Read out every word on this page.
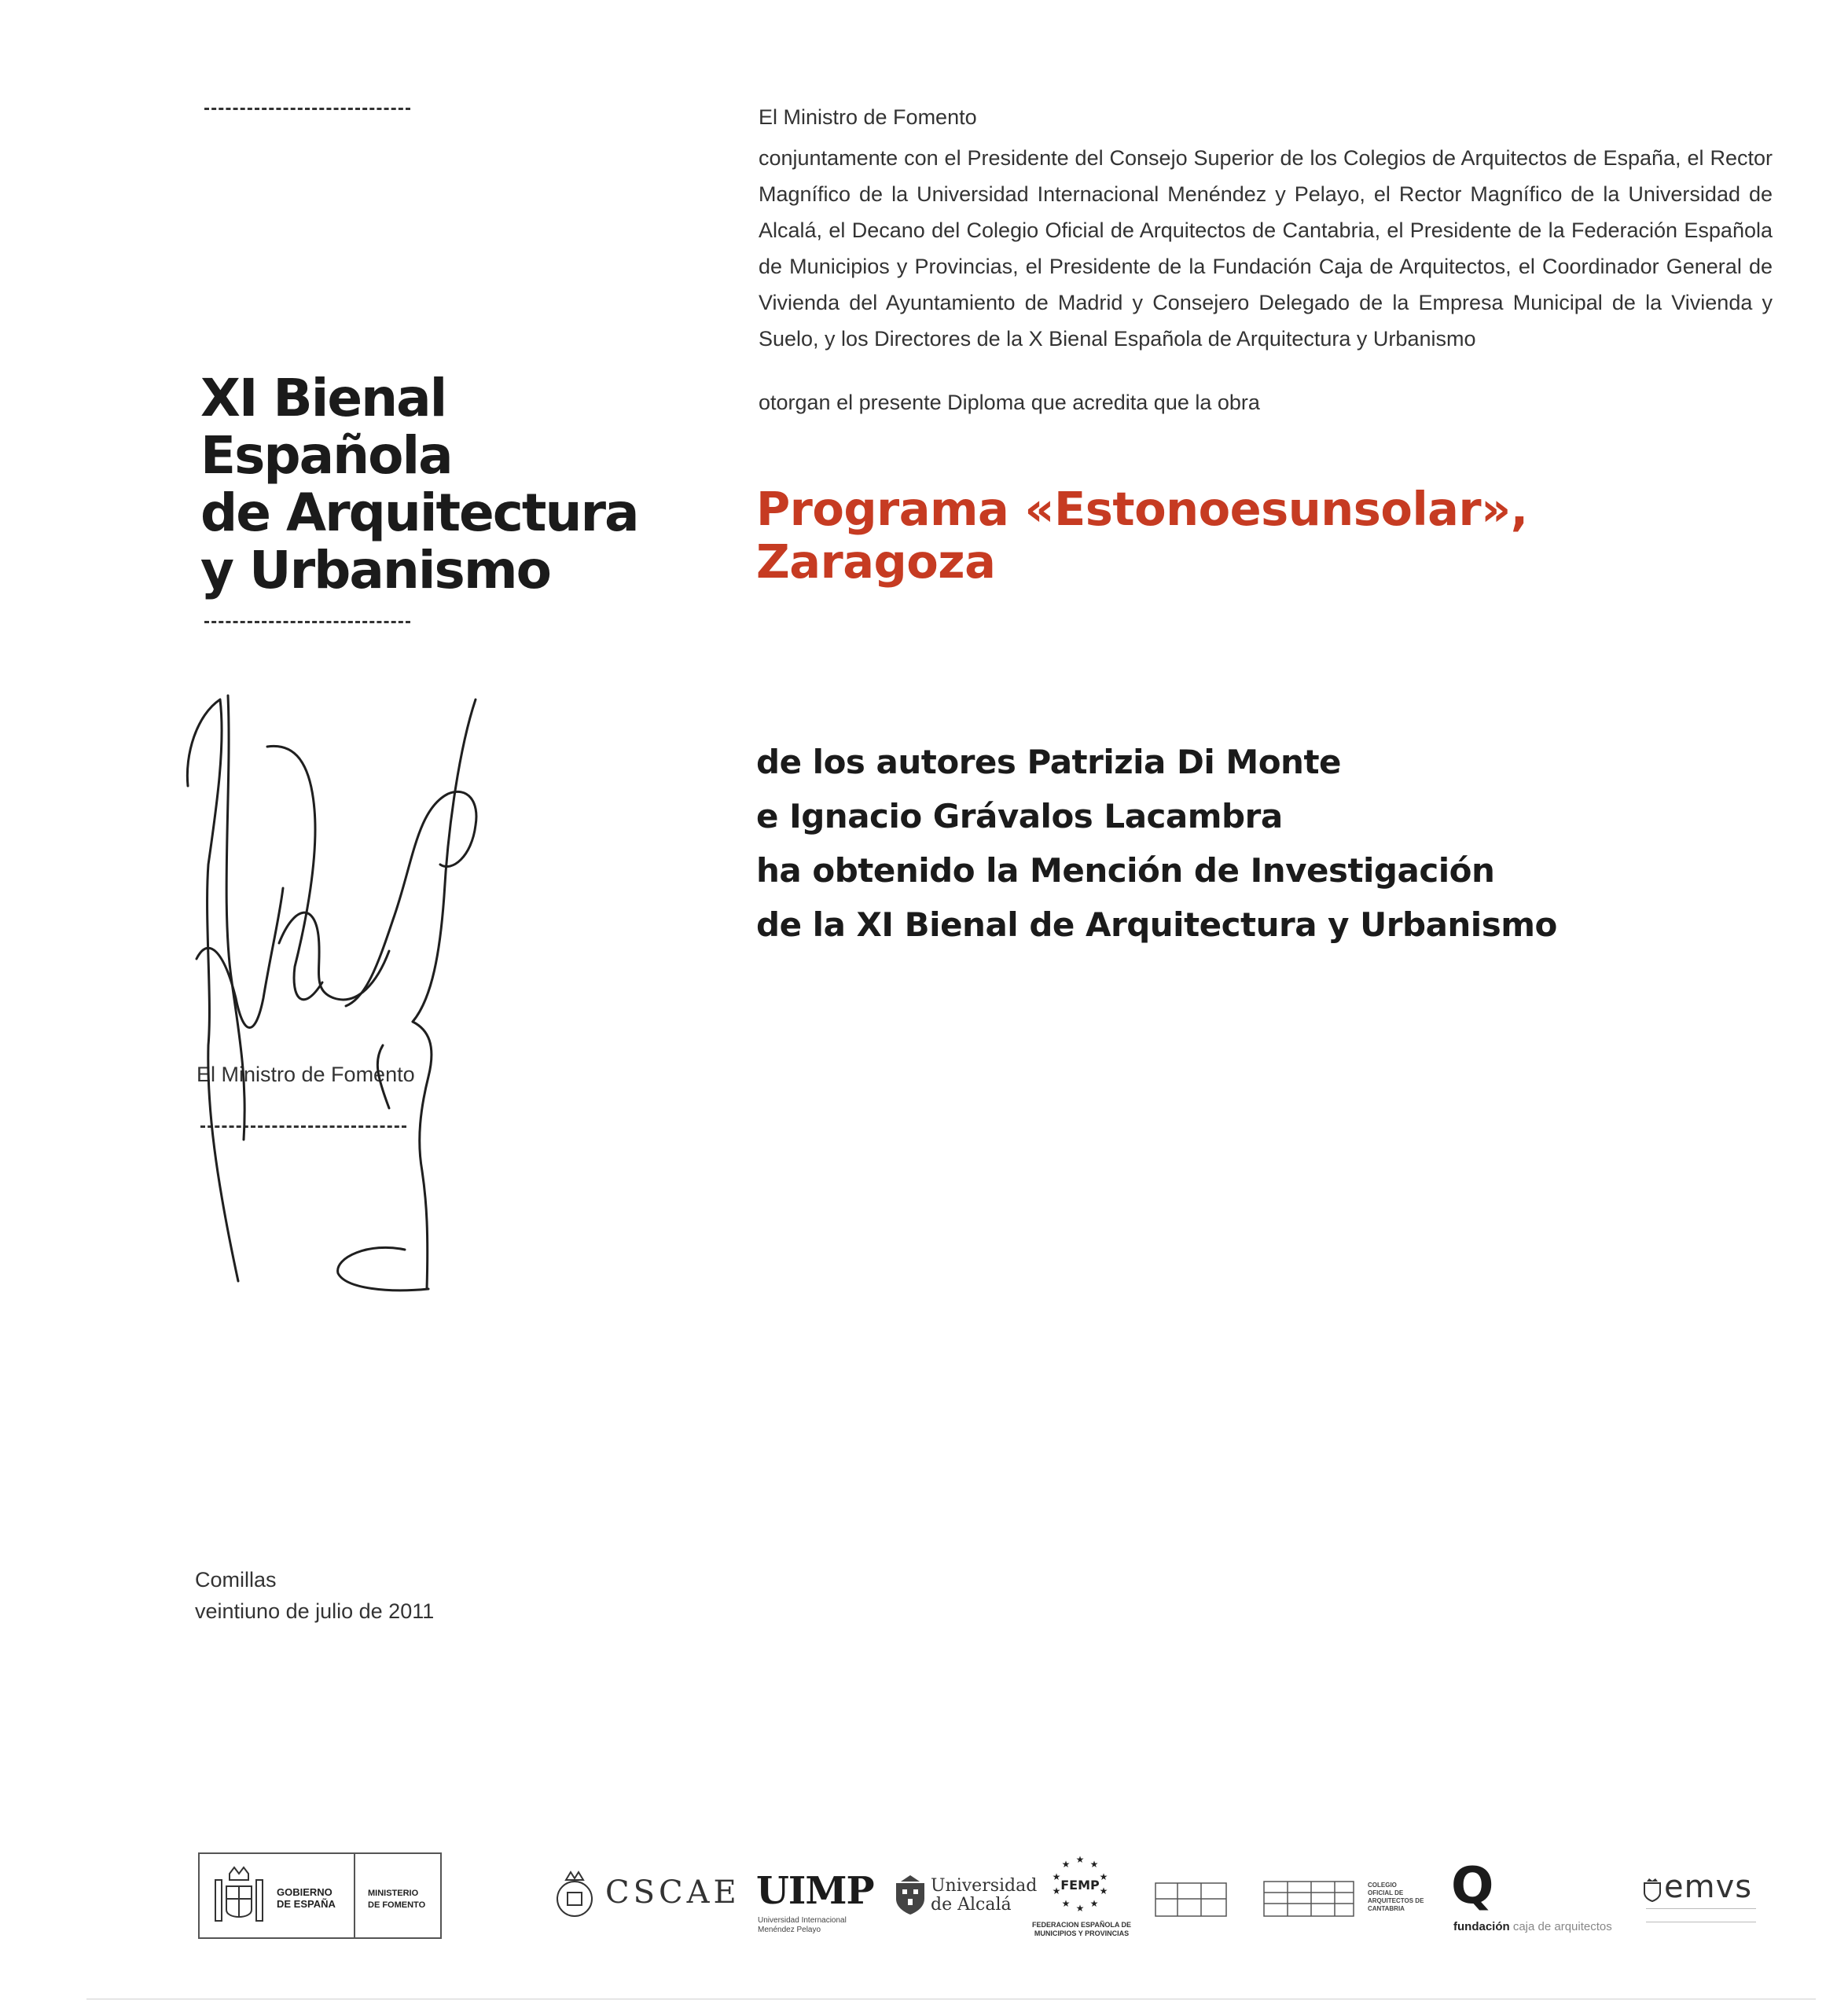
XI Bienal
Española
de Arquitectura
y Urbanismo
El Ministro de Fomento
conjuntamente con el Presidente del Consejo Superior de los Colegios de Arquitectos de España, el Rector Magnífico de la Universidad Internacional Menéndez y Pelayo, el Rector Magnífico de la Universidad de Alcalá, el Decano del Colegio Oficial de Arquitectos de Cantabria, el Presidente de la Federación Española de Municipios y Provincias, el Presidente de la Fundación Caja de Arquitectos, el Coordinador General de Vivienda del Ayuntamiento de Madrid y Consejero Delegado de la Empresa Municipal de la Vivienda y Suelo, y los Directores de la X Bienal Española de Arquitectura y Urbanismo
otorgan el presente Diploma que acredita que la obra
Programa «Estonoesunsolar»,
Zaragoza
de los autores Patrizia Di Monte
e Ignacio Grávalos Lacambra
ha obtenido la Mención de Investigación
de la XI Bienal de Arquitectura y Urbanismo
El Ministro de Fomento
Comillas
veintiuno de julio de 2011
GOBIERNO
DE ESPAÑA
MINISTERIO
DE FOMENTO	CSCAE UIMP
Universidad Internacional
Menéndez Pelayo
Universidad
de Alcalá
★ ★
★
★
★
★
★
★
★
★
FEMP
FEDERACION ESPAÑOLA DE
MUNICIPIOS Y PROVINCIAS
COLEGIO
OFICIAL DE
ARQUITECTOS DE
CANTABRIA Q
fundación caja de arquitectos
emvs
